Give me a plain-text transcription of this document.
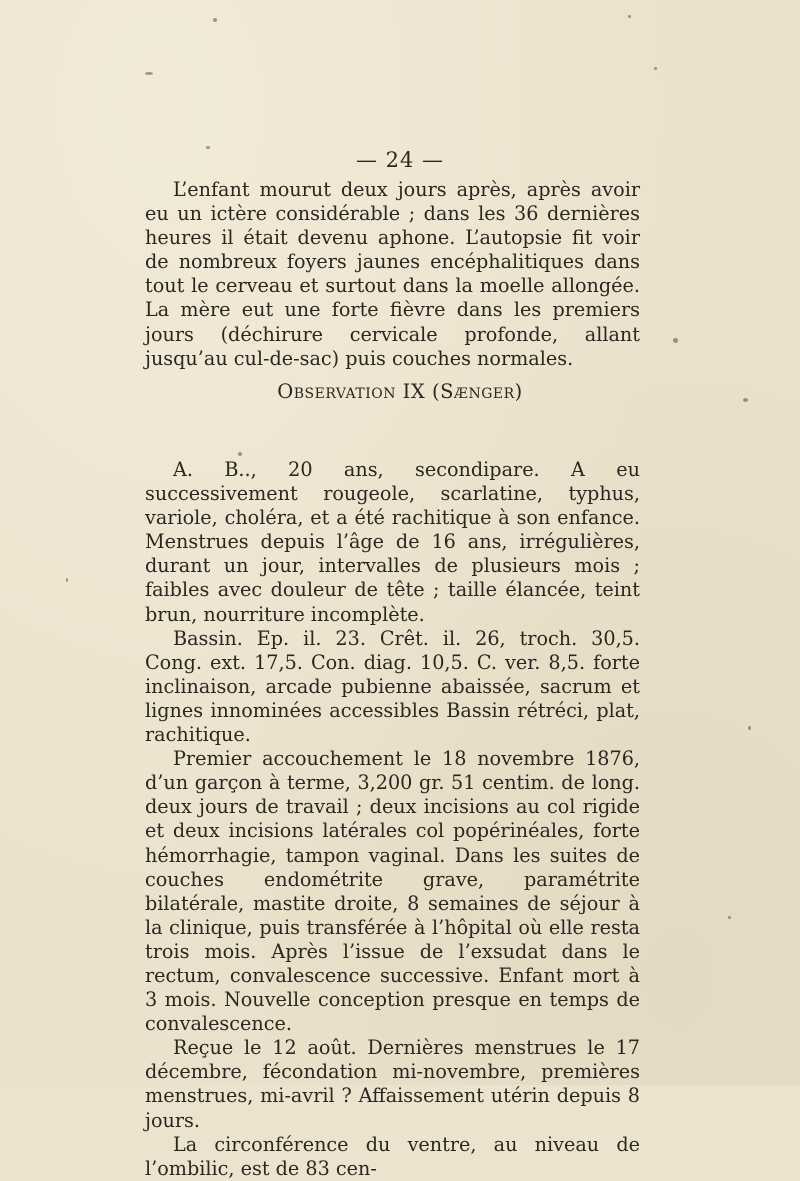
— 24 —

L’enfant mourut deux jours après, après avoir eu un ictère considérable ; dans les 36 dernières heures il était devenu aphone. L’autopsie fit voir de nombreux foyers jaunes encéphalitiques dans tout le cerveau et surtout dans la moelle allongée. La mère eut une forte fièvre dans les premiers jours (déchirure cervicale profonde, allant jusqu’au cul-de-sac) puis couches normales.

Observation IX (Sænger)

A. B.., 20 ans, secondipare. A eu successivement rougeole, scarlatine, typhus, variole, choléra, et a été rachitique à son enfance. Menstrues depuis l’âge de 16 ans, irrégulières, durant un jour, intervalles de plusieurs mois ; faibles avec douleur de tête ; taille élancée, teint brun, nourriture incomplète.

Bassin. Ep. il. 23. Crêt. il. 26, troch. 30,5. Cong. ext. 17,5. Con. diag. 10,5. C. ver. 8,5. forte inclinaison, arcade pubienne abaissée, sacrum et lignes innominées accessibles Bassin rétréci, plat, rachitique.

Premier accouchement le 18 novembre 1876, d’un garçon à terme, 3,200 gr. 51 centim. de long. deux jours de travail ; deux incisions au col rigide et deux incisions latérales col popérinéales, forte hémorrhagie, tampon vaginal. Dans les suites de couches endométrite grave, paramétrite bilatérale, mastite droite, 8 semaines de séjour à la clinique, puis transférée à l’hôpital où elle resta trois mois. Après l’issue de l’exsudat dans le rectum, convalescence successive. Enfant mort à 3 mois. Nouvelle conception presque en temps de convalescence.

Reçue le 12 août. Dernières menstrues le 17 décembre, fécondation mi-novembre, premières menstrues, mi-avril ? Affaissement utérin depuis 8 jours.

La circonférence du ventre, au niveau de l’ombilic, est de 83 cen-
